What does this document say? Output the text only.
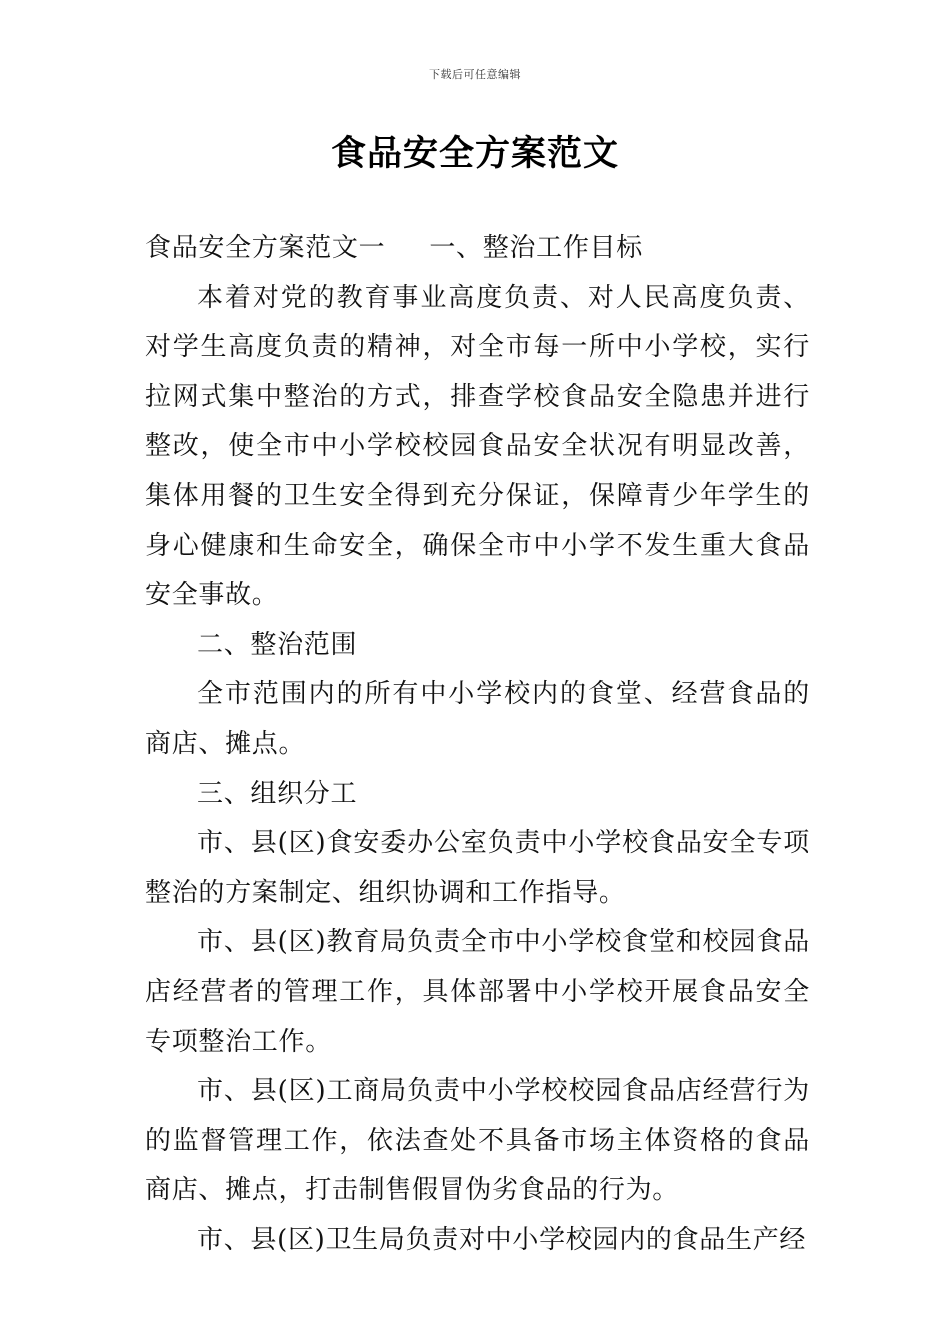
下载后可任意编辑
食品安全方案范文

食品安全方案范文一 一、整治工作目标

本着对党的教育事业高度负责、对人民高度负责、对学生高度负责的精神，对全市每一所中小学校，实行拉网式集中整治的方式，排查学校食品安全隐患并进行整改，使全市中小学校校园食品安全状况有明显改善，集体用餐的卫生安全得到充分保证，保障青少年学生的身心健康和生命安全，确保全市中小学不发生重大食品安全事故。

二、整治范围

全市范围内的所有中小学校内的食堂、经营食品的商店、摊点。

三、组织分工

市、县(区)食安委办公室负责中小学校食品安全专项整治的方案制定、组织协调和工作指导。

市、县(区)教育局负责全市中小学校食堂和校园食品店经营者的管理工作，具体部署中小学校开展食品安全专项整治工作。

市、县(区)工商局负责中小学校校园食品店经营行为的监督管理工作，依法查处不具备市场主体资格的食品商店、摊点，打击制售假冒伪劣食品的行为。

市、县(区)卫生局负责对中小学校园内的食品生产经
